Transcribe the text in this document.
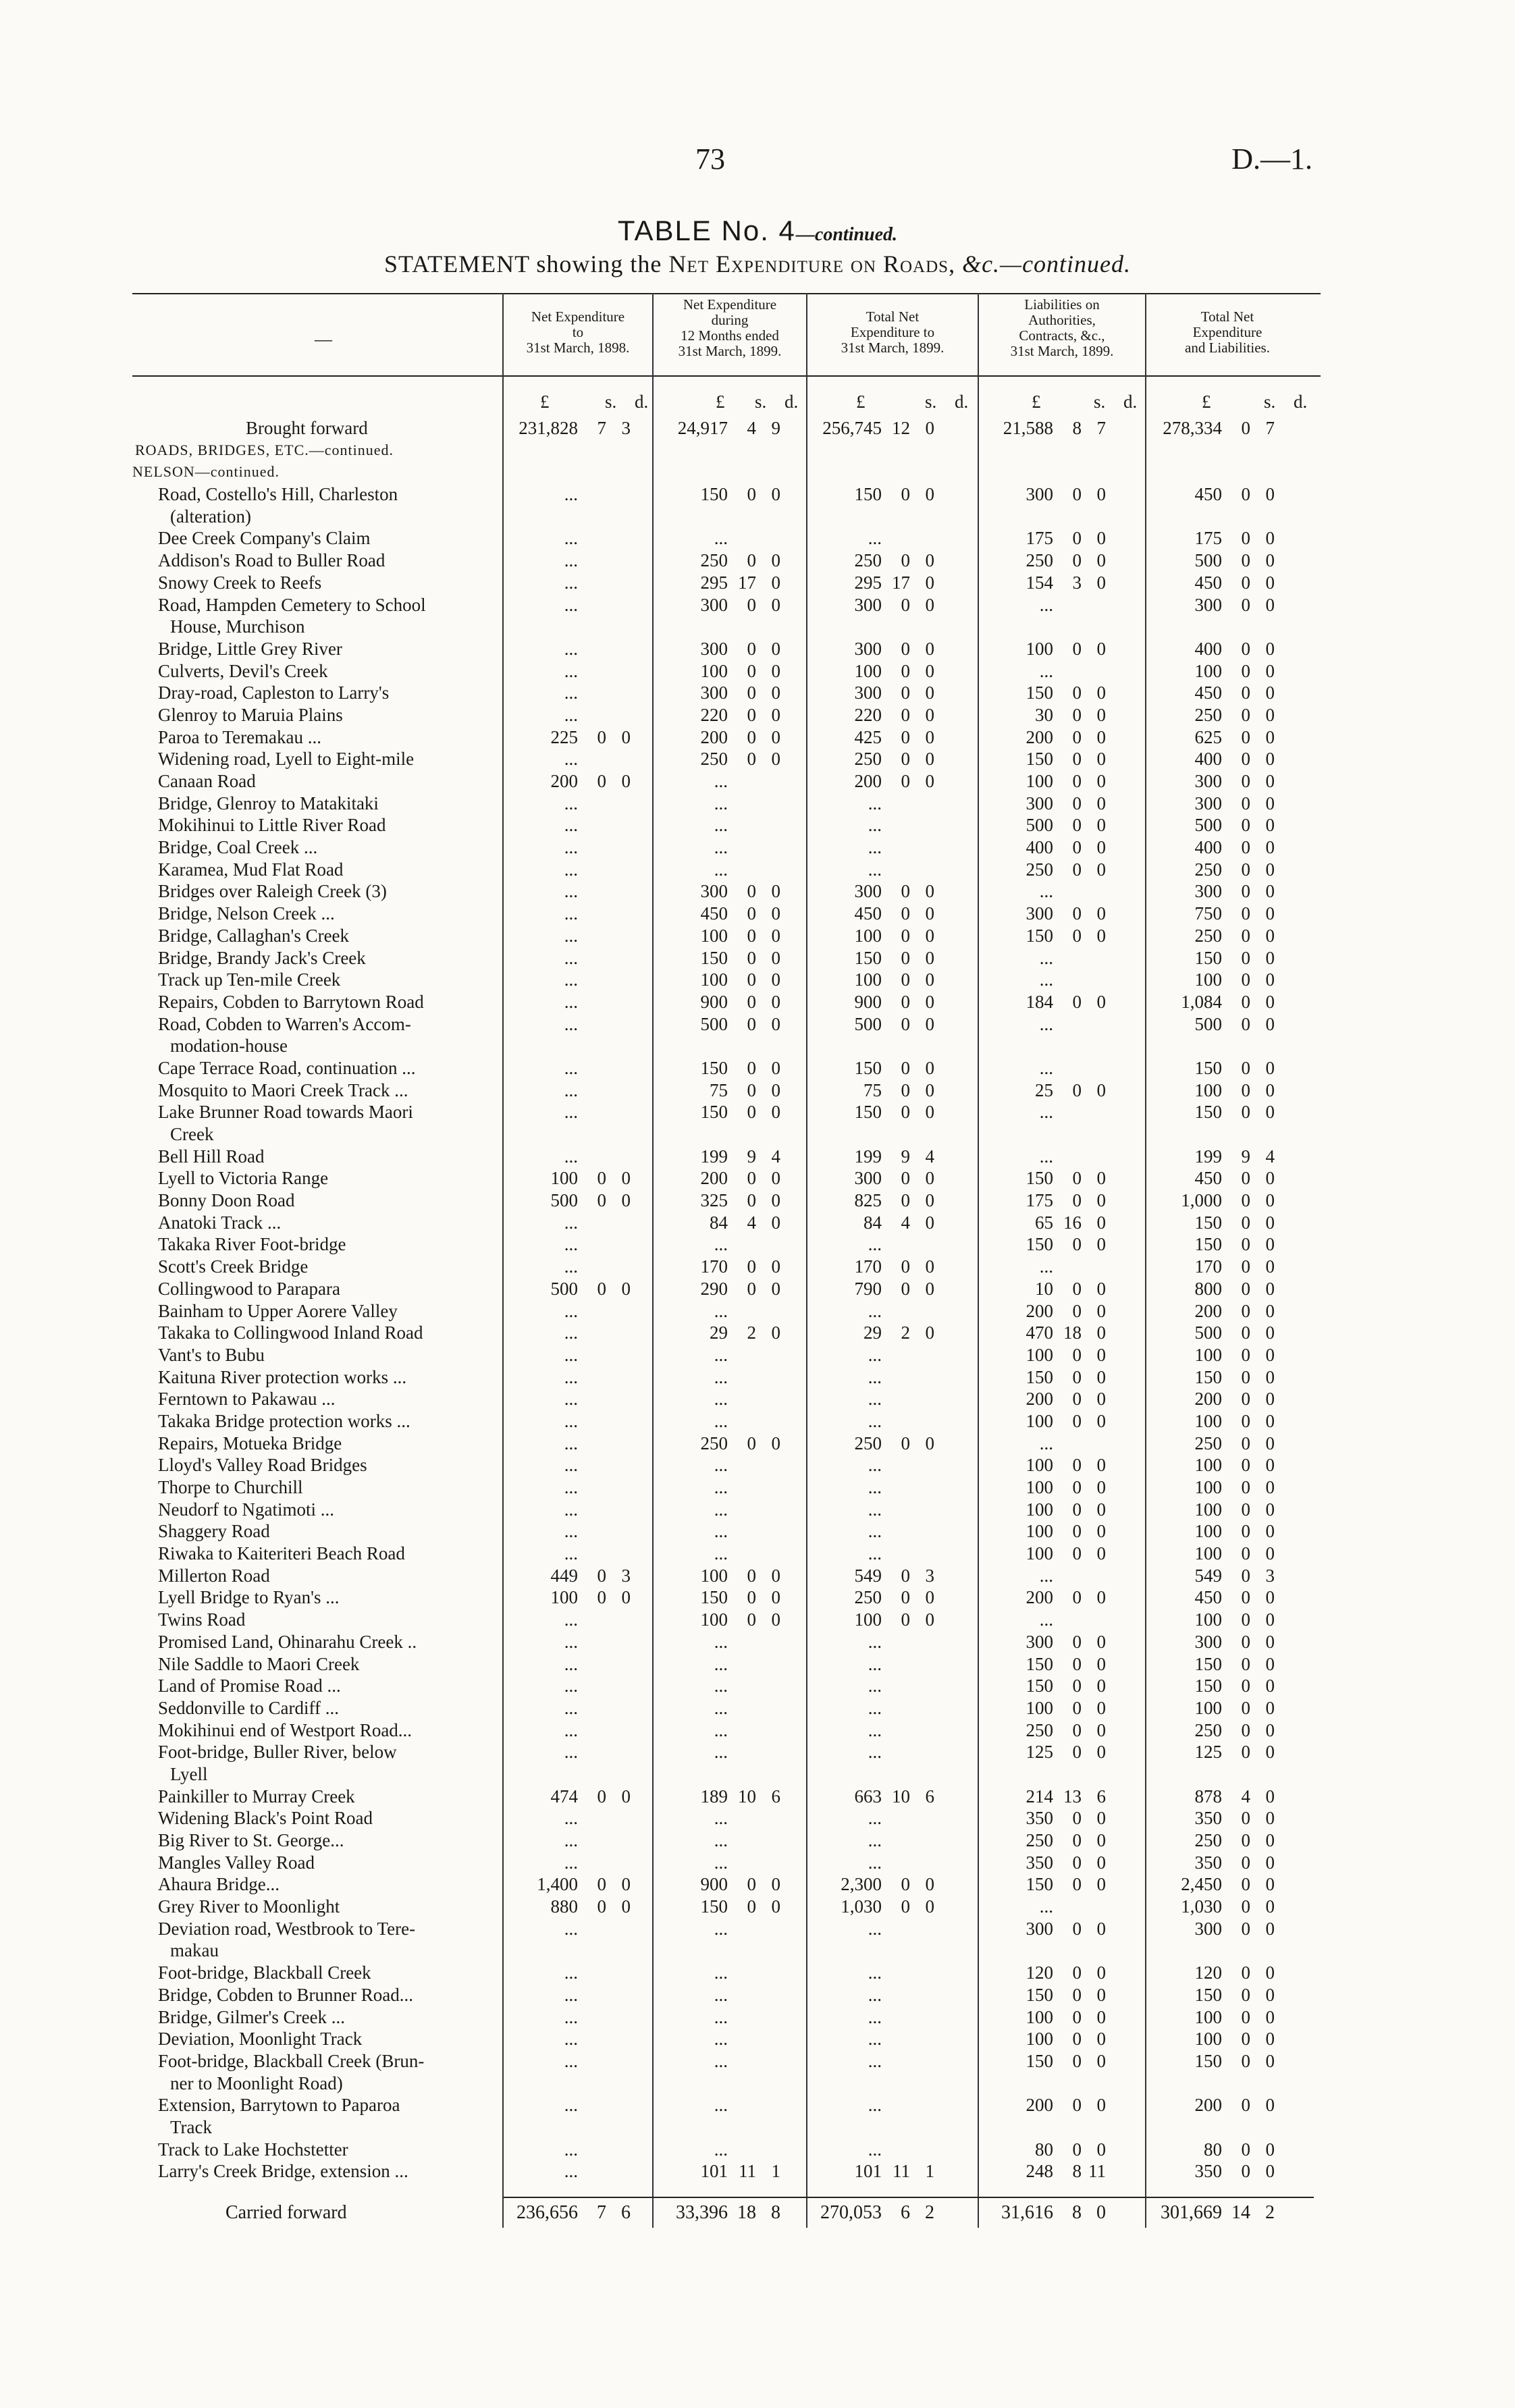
73	D.—1.
TABLE No. 4—continued.
STATEMENT showing the Net Expenditure on Roads, &c.—continued.
—
Net Expenditure
to
31st March, 1898.
Net Expenditure
during
12 Months ended
31st March, 1899.
Total Net
Expenditure to
31st March, 1899.
Liabilities on
Authorities,
Contracts, &c.,
31st March, 1899.
Total Net
Expenditure
and Liabilities.
£	s. d.	£ s. d.	£	s. d.	£	s. d.	£	s. d.
Brought forward	231,828	7 3	24,917	4 9	256,745 12 0	21,588	8 7	278,334	0 7
ROADS, BRIDGES, ETC.—continued.
NELSON—continued.
Road, Costello's Hill, Charleston	...	150	0 0	150	0 0	300	0 0	450	0 0
(alteration)
Dee Creek Company's Claim	...	...	...	175	0 0	175	0 0
Addison's Road to Buller Road	...	250	0 0	250	0 0	250	0 0	500	0 0
Snowy Creek to Reefs	...	295 17 0	295 17 0	154	3 0	450	0 0
Road, Hampden Cemetery to School	...	300	0 0	300	0 0	...	300	0 0
House, Murchison
Bridge, Little Grey River	...	300	0 0	300	0 0	100	0 0	400	0 0
Culverts, Devil's Creek	...	100	0 0	100	0 0	...	100	0 0
Dray-road, Capleston to Larry's	...	300	0 0	300	0 0	150	0 0	450	0 0
Glenroy to Maruia Plains	...	220	0 0	220	0 0	30	0 0	250	0 0
Paroa to Teremakau ...	225	0 0	200	0 0	425	0 0	200	0 0	625	0 0
Widening road, Lyell to Eight-mile	...	250	0 0	250	0 0	150	0 0	400	0 0
Canaan Road	200	0 0	...	200	0 0	100	0 0	300	0 0
Bridge, Glenroy to Matakitaki	...	...	...	300	0 0	300	0 0
Mokihinui to Little River Road	...	...	...	500	0 0	500	0 0
Bridge, Coal Creek ...	...	...	...	400	0 0	400	0 0
Karamea, Mud Flat Road	...	...	...	250	0 0	250	0 0
Bridges over Raleigh Creek (3)	...	300	0 0	300	0 0	...	300	0 0
Bridge, Nelson Creek ...	...	450	0 0	450	0 0	300	0 0	750	0 0
Bridge, Callaghan's Creek	...	100	0 0	100	0 0	150	0 0	250	0 0
Bridge, Brandy Jack's Creek	...	150	0 0	150	0 0	...	150	0 0
Track up Ten-mile Creek	...	100	0 0	100	0 0	...	100	0 0
Repairs, Cobden to Barrytown Road	...	900	0 0	900	0 0	184	0 0	1,084	0 0
Road, Cobden to Warren's Accom-	...	500	0 0	500	0 0	...	500	0 0
modation-house
Cape Terrace Road, continuation ...	...	150	0 0	150	0 0	...	150	0 0
Mosquito to Maori Creek Track ...	...	75	0 0	75	0 0	25	0 0	100	0 0
Lake Brunner Road towards Maori	...	150	0 0	150	0 0	...	150	0 0
Creek
Bell Hill Road	...	199	9 4	199	9 4	...	199	9 4
Lyell to Victoria Range	100	0 0	200	0 0	300	0 0	150	0 0	450	0 0
Bonny Doon Road	500	0 0	325	0 0	825	0 0	175	0 0	1,000	0 0
Anatoki Track ...	...	84	4 0	84	4 0	65 16 0	150	0 0
Takaka River Foot-bridge	...	...	...	150	0 0	150	0 0
Scott's Creek Bridge	...	170	0 0	170	0 0	...	170	0 0
Collingwood to Parapara	500	0 0	290	0 0	790	0 0	10	0 0	800	0 0
Bainham to Upper Aorere Valley	...	...	...	200	0 0	200	0 0
Takaka to Collingwood Inland Road	...	29	2 0	29	2 0	470 18 0	500	0 0
Vant's to Bubu	...	...	...	100	0 0	100	0 0
Kaituna River protection works ...	...	...	...	150	0 0	150	0 0
Ferntown to Pakawau ...	...	...	...	200	0 0	200	0 0
Takaka Bridge protection works ...	...	...	...	100	0 0	100	0 0
Repairs, Motueka Bridge	...	250	0 0	250	0 0	...	250	0 0
Lloyd's Valley Road Bridges	...	...	...	100	0 0	100	0 0
Thorpe to Churchill	...	...	...	100	0 0	100	0 0
Neudorf to Ngatimoti ...	...	...	...	100	0 0	100	0 0
Shaggery Road	...	...	...	100	0 0	100	0 0
Riwaka to Kaiteriteri Beach Road	...	...	...	100	0 0	100	0 0
Millerton Road	449	0 3	100	0 0	549	0 3	...	549	0 3
Lyell Bridge to Ryan's ...	100	0 0	150	0 0	250	0 0	200	0 0	450	0 0
Twins Road	...	100	0 0	100	0 0	...	100	0 0
Promised Land, Ohinarahu Creek ..	...	...	...	300	0 0	300	0 0
Nile Saddle to Maori Creek	...	...	...	150	0 0	150	0 0
Land of Promise Road ...	...	...	...	150	0 0	150	0 0
Seddonville to Cardiff ...	...	...	...	100	0 0	100	0 0
Mokihinui end of Westport Road...	...	...	...	250	0 0	250	0 0
Foot-bridge, Buller River, below	...	...	...	125	0 0	125	0 0
Lyell
Painkiller to Murray Creek	474	0 0	189 10 6	663 10 6	214 13 6	878	4 0
Widening Black's Point Road	...	...	...	350	0 0	350	0 0
Big River to St. George...	...	...	...	250	0 0	250	0 0
Mangles Valley Road	...	...	...	350	0 0	350	0 0
Ahaura Bridge...	1,400	0 0	900	0 0	2,300	0 0	150	0 0	2,450	0 0
Grey River to Moonlight	880	0 0	150	0 0	1,030	0 0	...	1,030	0 0
Deviation road, Westbrook to Tere-	...	...	...	300	0 0	300	0 0
makau
Foot-bridge, Blackball Creek	...	...	...	120	0 0	120	0 0
Bridge, Cobden to Brunner Road...	...	...	...	150	0 0	150	0 0
Bridge, Gilmer's Creek ...	...	...	...	100	0 0	100	0 0
Deviation, Moonlight Track	...	...	...	100	0 0	100	0 0
Foot-bridge, Blackball Creek (Brun-	...	...	...	150	0 0	150	0 0
ner to Moonlight Road)
Extension, Barrytown to Paparoa	...	...	...	200	0 0	200	0 0
Track
Track to Lake Hochstetter	...	...	...	80	0 0	80	0 0
Larry's Creek Bridge, extension ...	...	101 11 1	101 11 1	248	8 11	350	0 0
Carried forward	236,656	7 6	33,396 18 8	270,053	6 2	31,616	8 0	301,669 14 2
